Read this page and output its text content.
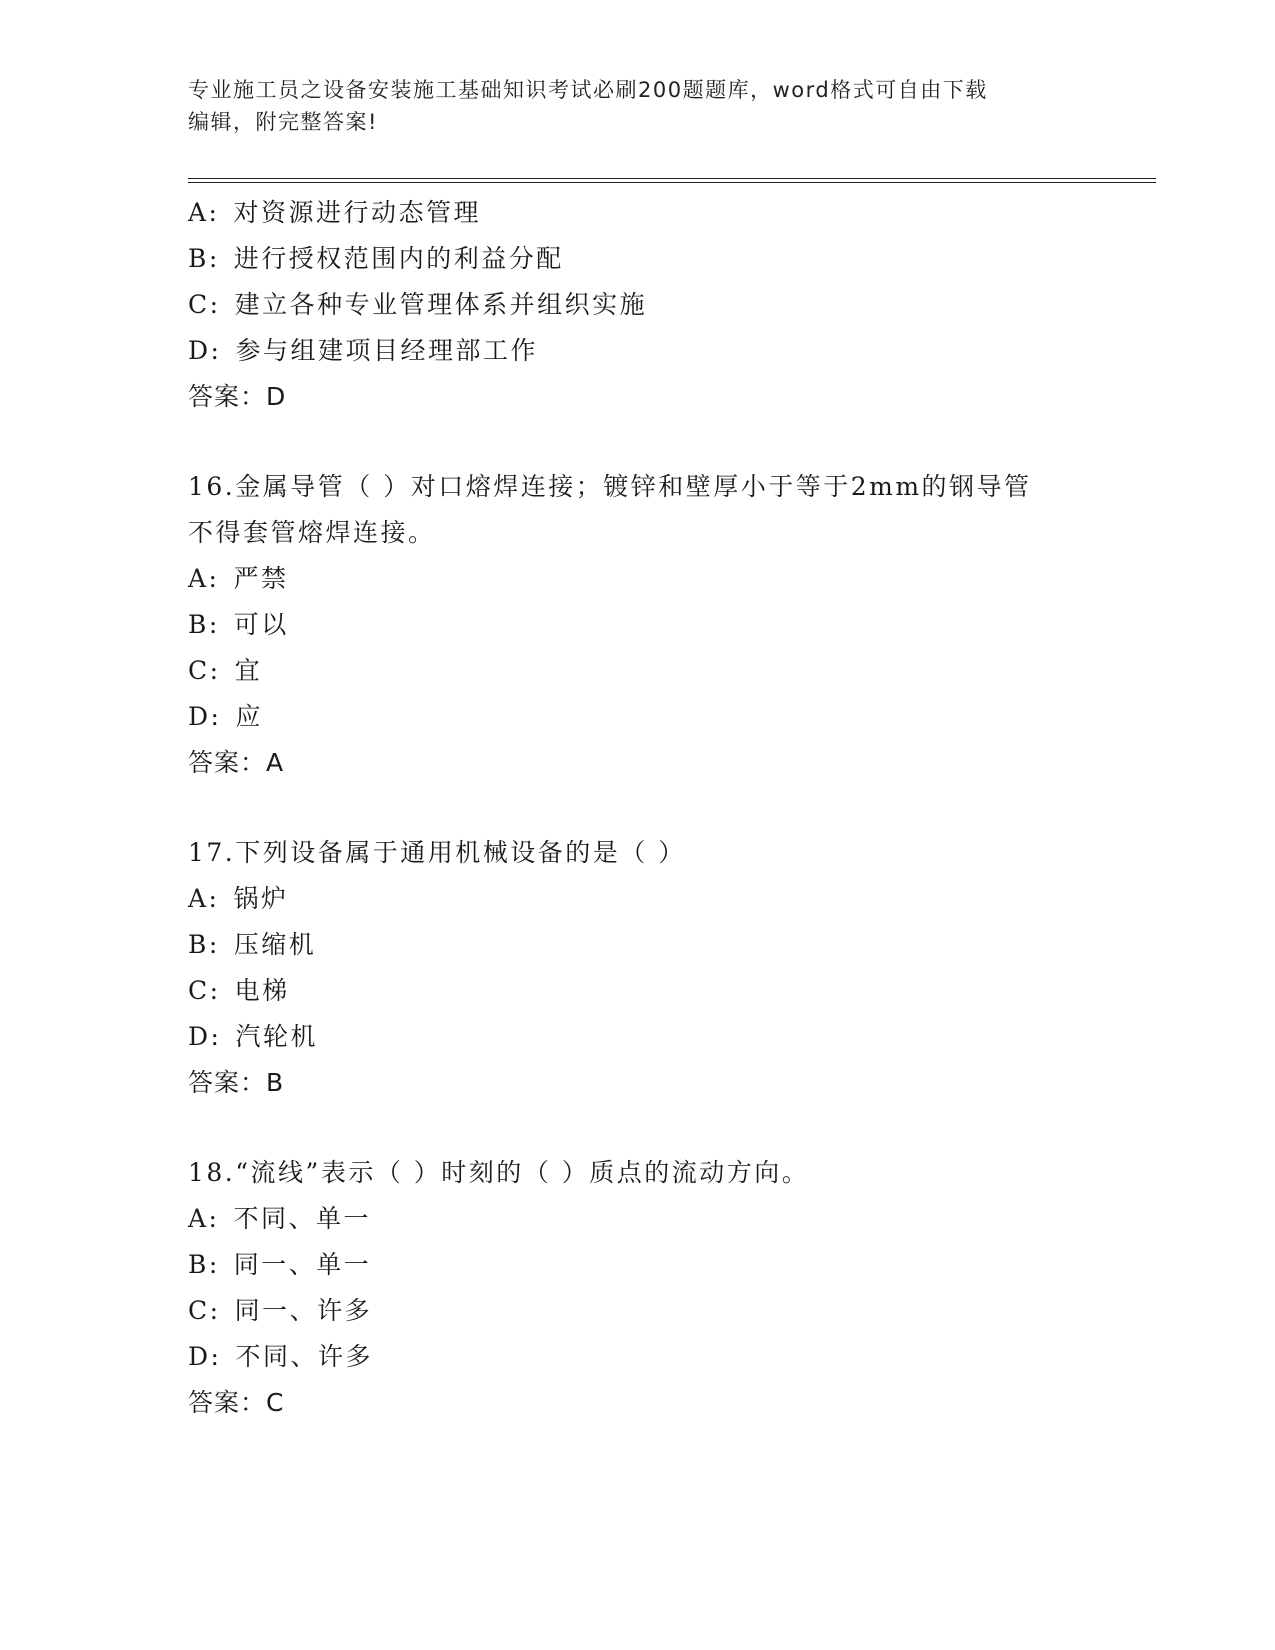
专业施工员之设备安装施工基础知识考试必刷200题题库，word格式可自由下载
编辑，附完整答案!
A: 对资源进行动态管理
B: 进行授权范围内的利益分配
C: 建立各种专业管理体系并组织实施
D: 参与组建项目经理部工作
答案：D
16.金属导管（ ）对口熔焊连接；镀锌和壁厚小于等于2mm的钢导管
不得套管熔焊连接。
A: 严禁
B: 可以
C: 宜
D: 应
答案：A
17.下列设备属于通用机械设备的是（ ）
A: 锅炉
B: 压缩机
C: 电梯
D: 汽轮机
答案：B
18.“流线”表示（ ）时刻的（ ）质点的流动方向。
A: 不同、单一
B: 同一、单一
C: 同一、许多
D: 不同、许多
答案：C
